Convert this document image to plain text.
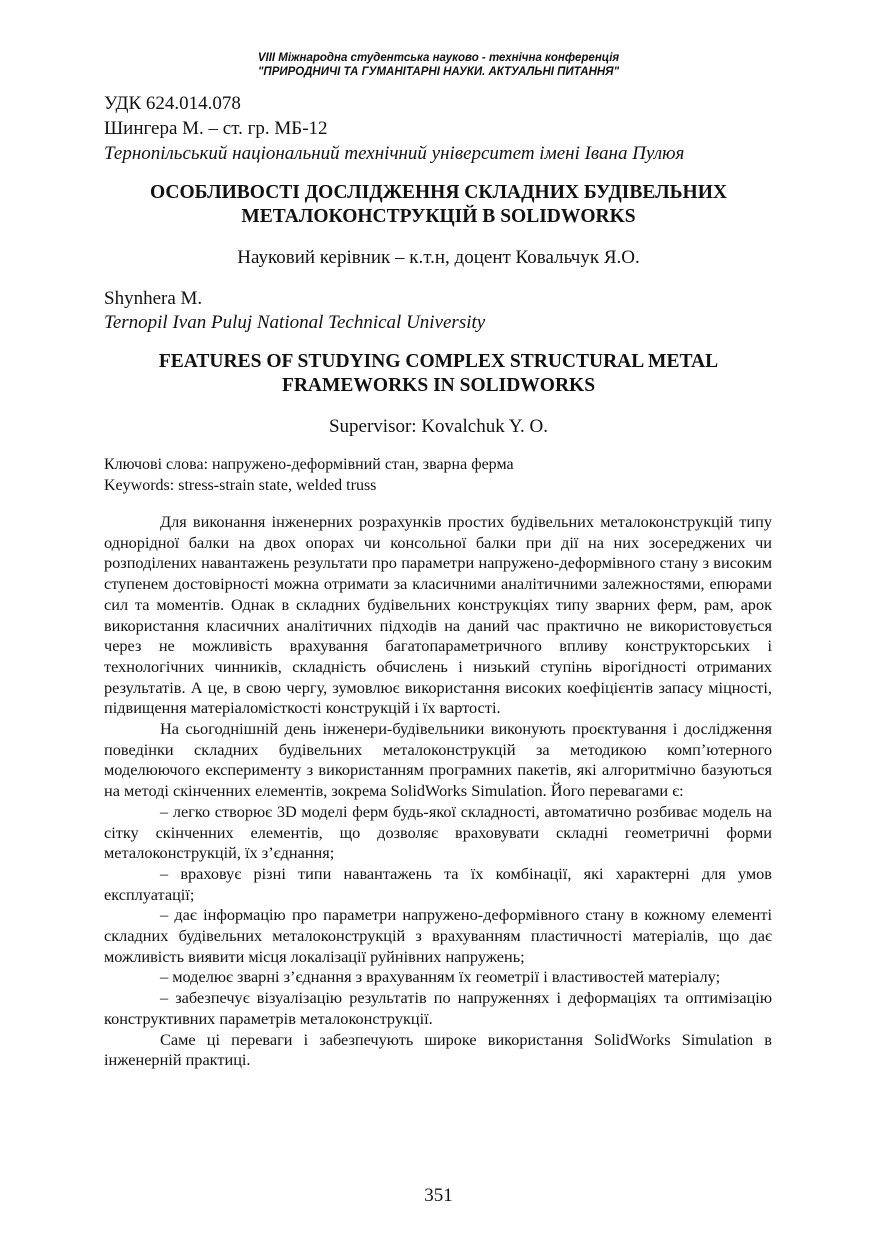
VIII Міжнародна студентська науково - технічна конференція
"ПРИРОДНИЧІ ТА ГУМАНІТАРНІ НАУКИ. АКТУАЛЬНІ ПИТАННЯ"
УДК 624.014.078
Шингера М. – ст. гр. МБ-12
Тернопільський національний технічний університет імені Івана Пулюя
ОСОБЛИВОСТІ ДОСЛІДЖЕННЯ СКЛАДНИХ БУДІВЕЛЬНИХ МЕТАЛОКОНСТРУКЦІЙ В SOLIDWORKS
Науковий керівник – к.т.н, доцент Ковальчук Я.О.
Shynhera M.
Ternopil Ivan Puluj National Technical University
FEATURES OF STUDYING COMPLEX STRUCTURAL METAL FRAMEWORKS IN SOLIDWORKS
Supervisor: Kovalchuk Y. O.
Ключові слова: напружено-деформівний стан, зварна ферма
Keywords: stress-strain state, welded truss

Для виконання інженерних розрахунків простих будівельних металоконструкцій типу однорідної балки на двох опорах чи консольної балки при дії на них зосереджених чи розподілених навантажень результати про параметри напружено-деформівного стану з високим ступенем достовірності можна отримати за класичними аналітичними залежностями, епюрами сил та моментів. Однак в складних будівельних конструкціях типу зварних ферм, рам, арок використання класичних аналітичних підходів на даний час практично не використовується через не можливість врахування багатопараметричного впливу конструкторських і технологічних чинників, складність обчислень і низький ступінь вірогідності отриманих результатів. А це, в свою чергу, зумовлює використання високих коефіцієнтів запасу міцності, підвищення матеріаломісткості конструкцій і їх вартості.

На сьогоднішній день інженери-будівельники виконують проєктування і дослідження поведінки складних будівельних металоконструкцій за методикою комп’ютерного моделюючого експерименту з використанням програмних пакетів, які алгоритмічно базуються на методі скінченних елементів, зокрема SolidWorks Simulation. Його перевагами є:

– легко створює 3D моделі ферм будь-якої складності, автоматично розбиває модель на сітку скінченних елементів, що дозволяє враховувати складні геометричні форми металоконструкцій, їх з’єднання;

– враховує різні типи навантажень та їх комбінації, які характерні для умов експлуатації;

– дає інформацію про параметри напружено-деформівного стану в кожному елементі складних будівельних металоконструкцій з врахуванням пластичності матеріалів, що дає можливість виявити місця локалізації руйнівних напружень;

– моделює зварні з’єднання з врахуванням їх геометрії і властивостей матеріалу;

– забезпечує візуалізацію результатів по напруженнях і деформаціях та оптимізацію конструктивних параметрів металоконструкції.

Саме ці переваги і забезпечують широке використання SolidWorks Simulation в інженерній практиці.

351
